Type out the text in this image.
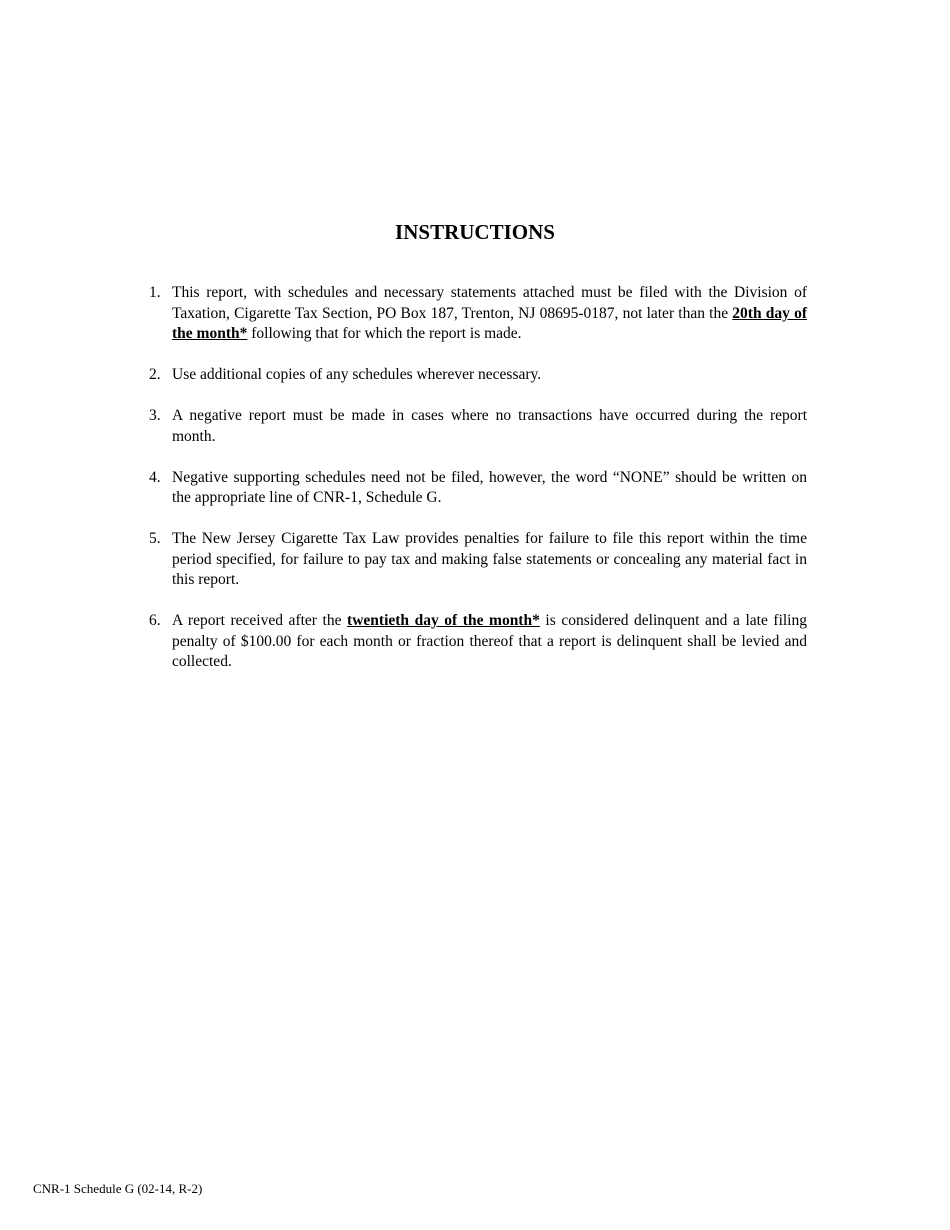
INSTRUCTIONS
1. This report, with schedules and necessary statements attached must be filed with the Division of Taxation, Cigarette Tax Section, PO Box 187, Trenton, NJ 08695-0187, not later than the 20th day of the month* following that for which the report is made.
2. Use additional copies of any schedules wherever necessary.
3. A negative report must be made in cases where no transactions have occurred during the report month.
4. Negative supporting schedules need not be filed, however, the word “NONE” should be written on the appropriate line of CNR-1, Schedule G.
5. The New Jersey Cigarette Tax Law provides penalties for failure to file this report within the time period specified, for failure to pay tax and making false statements or concealing any material fact in this report.
6. A report received after the twentieth day of the month* is considered delinquent and a late filing penalty of $100.00 for each month or fraction thereof that a report is delinquent shall be levied and collected.

CNR-1 Schedule G (02-14, R-2)
